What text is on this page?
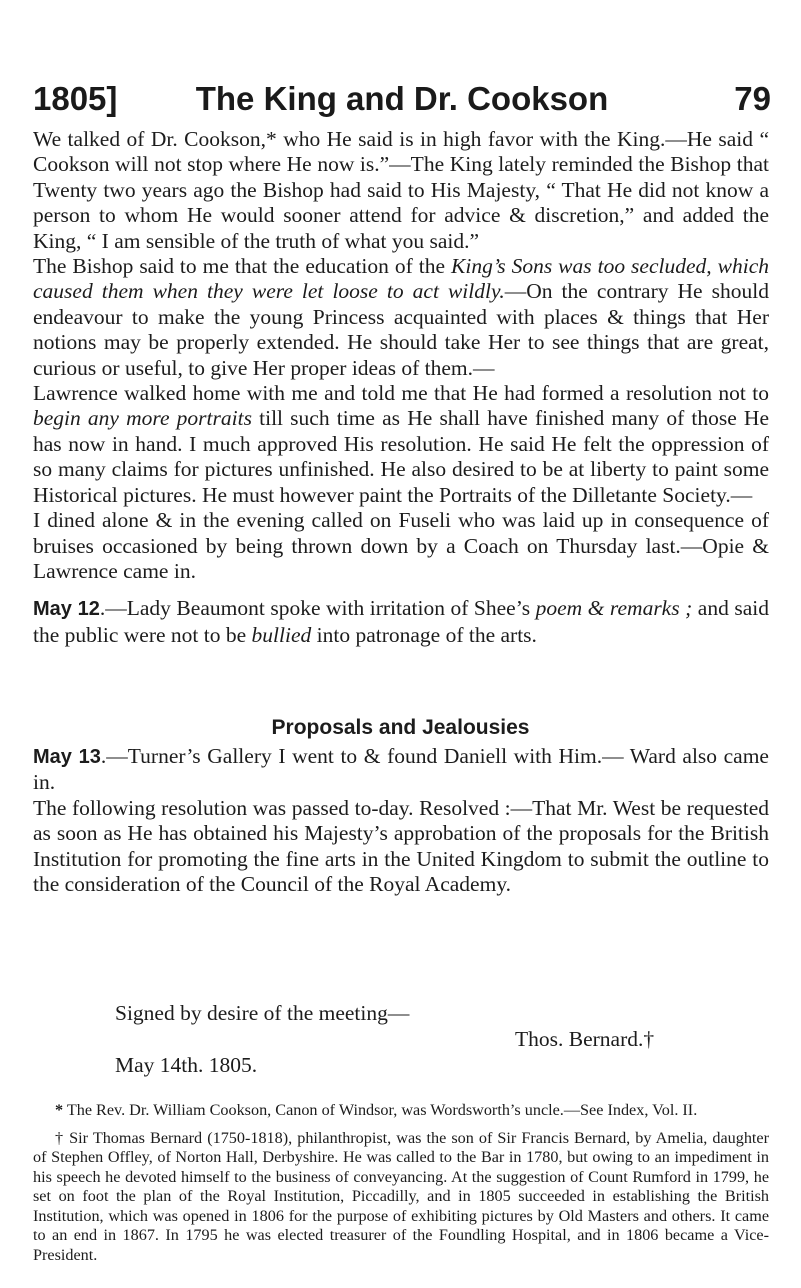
1805]	The King and Dr. Cookson	79

We talked of Dr. Cookson,* who He said is in high favor with the King.—He said “ Cookson will not stop where He now is.”—The King lately reminded the Bishop that Twenty two years ago the Bishop had said to His Majesty, “ That He did not know a person to whom He would sooner attend for advice & discretion,” and added the King, “ I am sensible of the truth of what you said.”

The Bishop said to me that the education of the King’s Sons was too secluded, which caused them when they were let loose to act wildly.—On the contrary He should endeavour to make the young Princess acquainted with places & things that Her notions may be properly extended. He should take Her to see things that are great, curious or useful, to give Her proper ideas of them.—

Lawrence walked home with me and told me that He had formed a resolution not to begin any more portraits till such time as He shall have finished many of those He has now in hand. I much approved His resolution. He said He felt the oppression of so many claims for pictures unfinished. He also desired to be at liberty to paint some Historical pictures. He must however paint the Portraits of the Dilletante Society.—

I dined alone & in the evening called on Fuseli who was laid up in consequence of bruises occasioned by being thrown down by a Coach on Thursday last.—Opie & Lawrence came in.

May 12.—Lady Beaumont spoke with irritation of Shee’s poem & remarks ; and said the public were not to be bullied into patronage of the arts.

Proposals and Jealousies

May 13.—Turner’s Gallery I went to & found Daniell with Him.— Ward also came in.

The following resolution was passed to-day. Resolved :—That Mr. West be requested as soon as He has obtained his Majesty’s approbation of the proposals for the British Institution for promoting the fine arts in the United Kingdom to submit the outline to the consideration of the Council of the Royal Academy.

Signed by desire of the meeting—
Thos. Bernard.†
May 14th. 1805.

* The Rev. Dr. William Cookson, Canon of Windsor, was Wordsworth’s uncle.—See Index, Vol. II.

† Sir Thomas Bernard (1750-1818), philanthropist, was the son of Sir Francis Bernard, by Amelia, daughter of Stephen Offley, of Norton Hall, Derbyshire. He was called to the Bar in 1780, but owing to an impediment in his speech he devoted himself to the business of conveyancing. At the suggestion of Count Rumford in 1799, he set on foot the plan of the Royal Institution, Piccadilly, and in 1805 succeeded in establishing the British Institution, which was opened in 1806 for the purpose of exhibiting pictures by Old Masters and others. It came to an end in 1867. In 1795 he was elected treasurer of the Foundling Hospital, and in 1806 became a Vice-President.
